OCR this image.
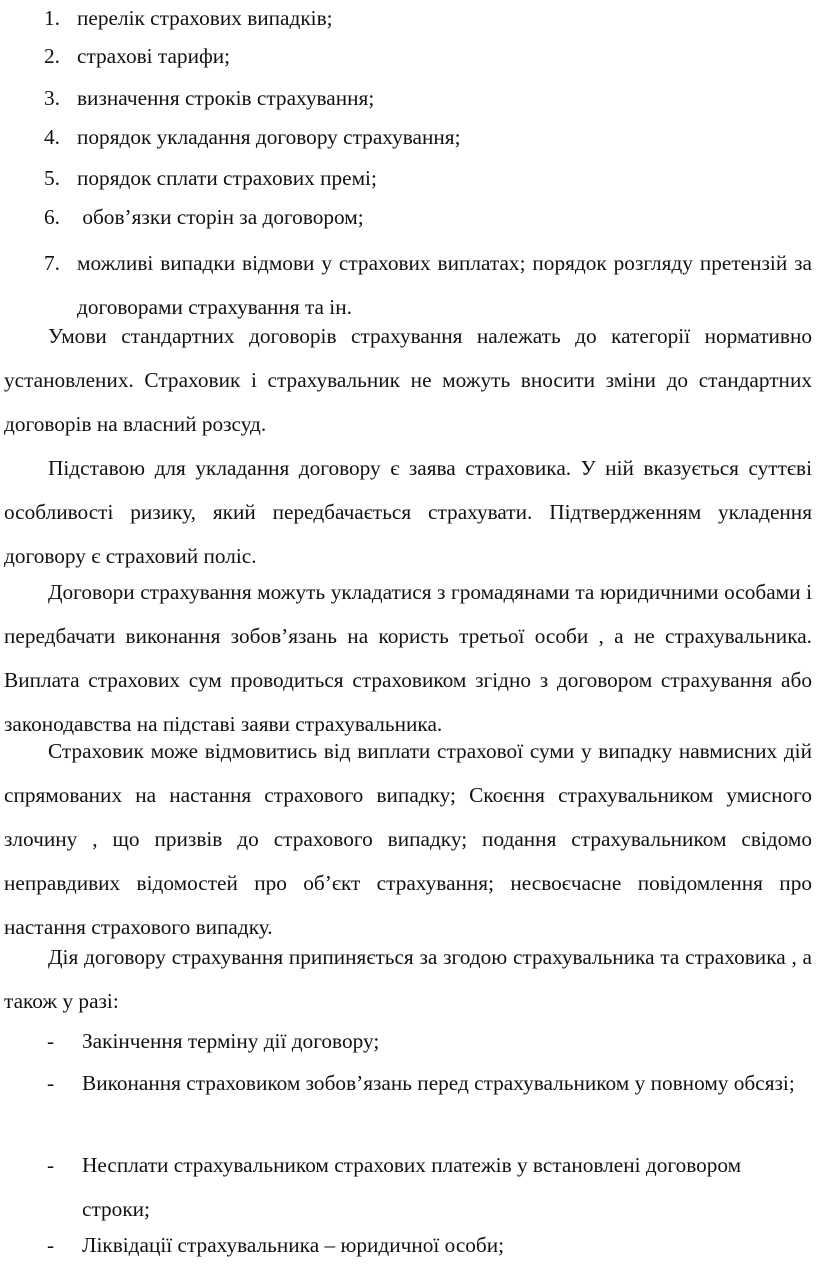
1. перелік страхових випадків;
2. страхові тарифи;
3. визначення строків страхування;
4. порядок укладання договору страхування;
5. порядок сплати страхових премі;
6. обов’язки сторін за договором;
7. можливі випадки відмови у страхових виплатах; порядок розгляду претензій за договорами страхування та ін.

Умови стандартних договорів страхування належать до категорії нормативно установлених. Страховик і страхувальник не можуть вносити зміни до стандартних договорів на власний розсуд.

Підставою для укладання договору є заява страховика. У ній вказується суттєві особливості ризику, який передбачається страхувати. Підтвердженням укладення договору є страховий поліс.

Договори страхування можуть укладатися з громадянами та юридичними особами і передбачати виконання зобов’язань на користь третьої особи , а не страхувальника. Виплата страхових сум проводиться страховиком згідно з договором страхування або законодавства на підставі заяви страхувальника.

Страховик може відмовитись від виплати страхової суми у випадку навмисних дій спрямованих на настання страхового випадку; Скоєння страхувальником умисного злочину , що призвів до страхового випадку; подання страхувальником свідомо неправдивих відомостей про об’єкт страхування; несвоєчасне повідомлення про настання страхового випадку.

Дія договору страхування припиняється за згодою страхувальника та страховика , а також у разі:

- Закінчення терміну дії договору;
- Виконання страховиком зобов’язань перед страхувальником у повному обсязі;
- Несплати страхувальником страхових платежів у встановлені договором строки;
- Ліквідації страхувальника – юридичної особи;
